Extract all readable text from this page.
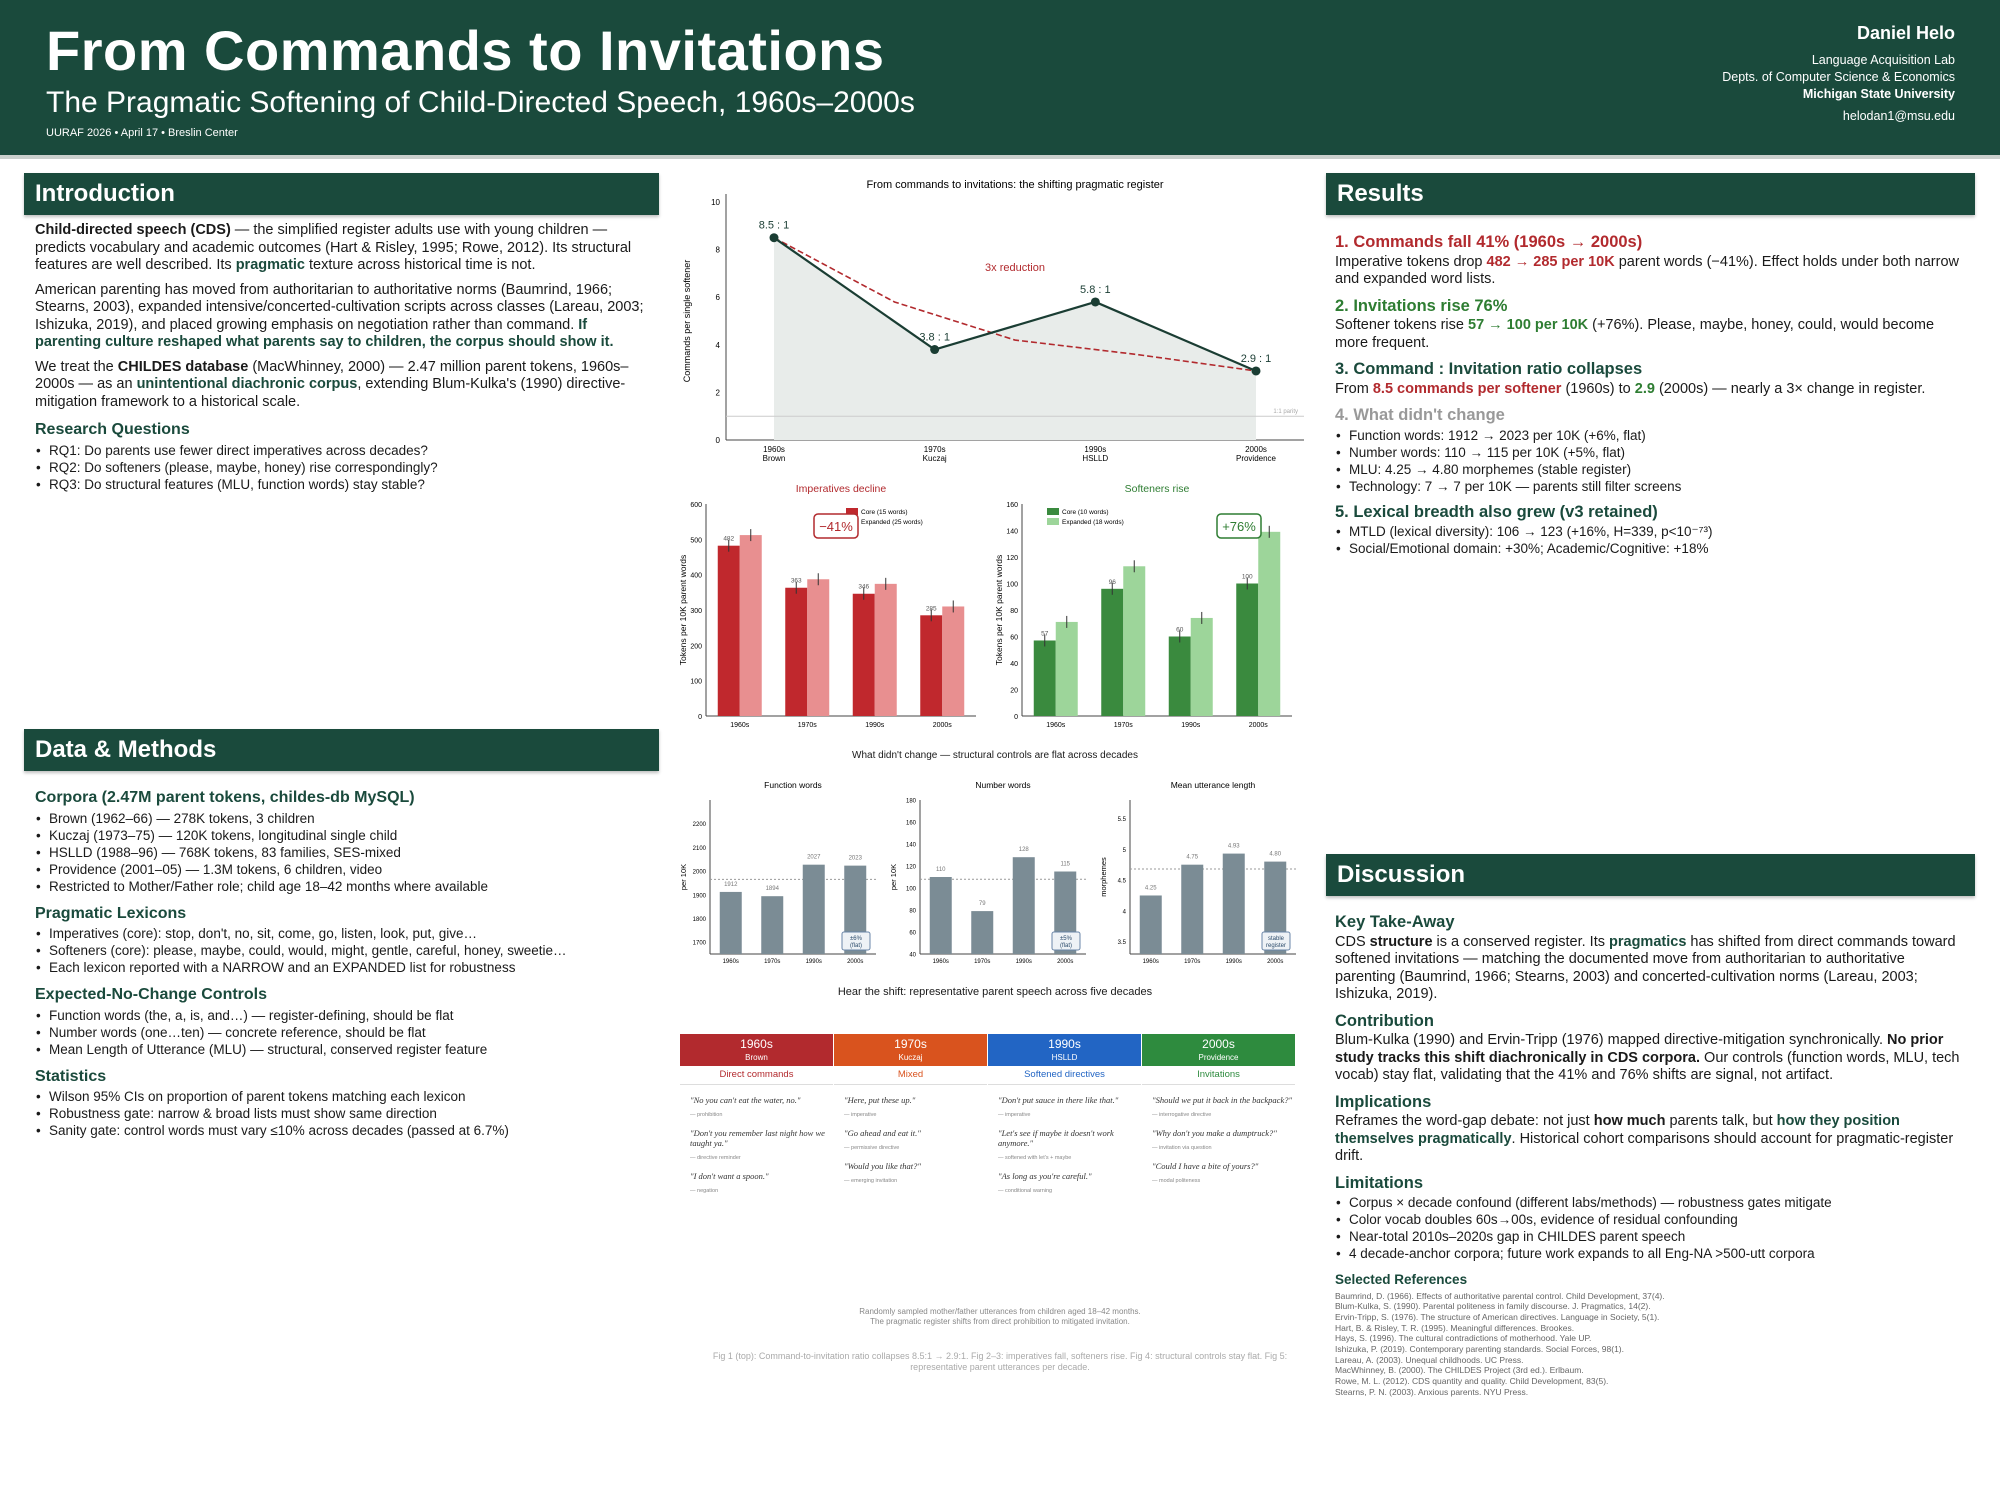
From Commands to Invitations
The Pragmatic Softening of Child-Directed Speech, 1960s–2000s
UURAF 2026 • April 17 • Breslin Center
Daniel Helo
Language Acquisition Lab
Depts. of Computer Science & Economics
Michigan State University
helodan1@msu.edu
Introduction

Child-directed speech (CDS) — the simplified register adults use with young children — predicts vocabulary and academic outcomes (Hart & Risley, 1995; Rowe, 2012). Its structural features are well described. Its pragmatic texture across historical time is not.

American parenting has moved from authoritarian to authoritative norms (Baumrind, 1966; Stearns, 2003), expanded intensive/concerted-cultivation scripts across classes (Lareau, 2003; Ishizuka, 2019), and placed growing emphasis on negotiation rather than command. If parenting culture reshaped what parents say to children, the corpus should show it.

We treat the CHILDES database (MacWhinney, 2000) — 2.47 million parent tokens, 1960s–2000s — as an unintentional diachronic corpus, extending Blum-Kulka's (1990) directive-mitigation framework to a historical scale.

Research Questions
• RQ1: Do parents use fewer direct imperatives across decades?
• RQ2: Do softeners (please, maybe, honey) rise correspondingly?
• RQ3: Do structural features (MLU, function words) stay stable?
Data & Methods
Corpora (2.47M parent tokens, childes-db MySQL)
• Brown (1962–66) — 278K tokens, 3 children
• Kuczaj (1973–75) — 120K tokens, longitudinal single child
• HSLLD (1988–96) — 768K tokens, 83 families, SES-mixed
• Providence (2001–05) — 1.3M tokens, 6 children, video
• Restricted to Mother/Father role; child age 18–42 months where available
Pragmatic Lexicons
• Imperatives (core): stop, don't, no, sit, come, go, listen, look, put, give…
• Softeners (core): please, maybe, could, would, might, gentle, careful, honey, sweetie…
• Each lexicon reported with a NARROW and an EXPANDED list for robustness
Expected-No-Change Controls
• Function words (the, a, is, and…) — register-defining, should be flat
• Number words (one…ten) — concrete reference, should be flat
• Mean Length of Utterance (MLU) — structural, conserved register feature
Statistics
• Wilson 95% CIs on proportion of parent tokens matching each lexicon
• Robustness gate: narrow & broad lists must show same direction
• Sanity gate: control words must vary ≤10% across decades (passed at 6.7%)
Results
1. Commands fall 41% (1960s → 2000s)

Imperative tokens drop 482 → 285 per 10K parent words (−41%). Effect holds under both narrow and expanded word lists.

2. Invitations rise 76%

Softener tokens rise 57 → 100 per 10K (+76%). Please, maybe, honey, could, would become more frequent.

3. Command : Invitation ratio collapses

From 8.5 commands per softener (1960s) to 2.9 (2000s) — nearly a 3× change in register.

4. What didn't change
• Function words: 1912 → 2023 per 10K (+6%, flat)
• Number words: 110 → 115 per 10K (+5%, flat)
• MLU: 4.25 → 4.80 morphemes (stable register)
• Technology: 7 → 7 per 10K — parents still filter screens
5. Lexical breadth also grew (v3 retained)
• MTLD (lexical diversity): 106 → 123 (+16%, H=339, p<10⁻⁷³)
• Social/Emotional domain: +30%; Academic/Cognitive: +18%
Discussion
Key Take-Away

CDS structure is a conserved register. Its pragmatics has shifted from direct commands toward softened invitations — matching the documented move from authoritarian to authoritative parenting (Baumrind, 1966; Stearns, 2003) and concerted-cultivation norms (Lareau, 2003; Ishizuka, 2019).

Contribution

Blum-Kulka (1990) and Ervin-Tripp (1976) mapped directive-mitigation synchronically. No prior study tracks this shift diachronically in CDS corpora. Our controls (function words, MLU, tech vocab) stay flat, validating that the 41% and 76% shifts are signal, not artifact.

Implications

Reframes the word-gap debate: not just how much parents talk, but how they position themselves pragmatically. Historical cohort comparisons should account for pragmatic-register drift.

Limitations
• Corpus × decade confound (different labs/methods) — robustness gates mitigate
• Color vocab doubles 60s→00s, evidence of residual confounding
• Near-total 2010s–2020s gap in CHILDES parent speech
• 4 decade-anchor corpora; future work expands to all Eng-NA >500-utt corpora
Selected References
Baumrind, D. (1966). Effects of authoritative parental control. Child Development, 37(4).
Blum-Kulka, S. (1990). Parental politeness in family discourse. J. Pragmatics, 14(2).
Ervin-Tripp, S. (1976). The structure of American directives. Language in Society, 5(1).
Hart, B. & Risley, T. R. (1995). Meaningful differences. Brookes.
Hays, S. (1996). The cultural contradictions of motherhood. Yale UP.
Ishizuka, P. (2019). Contemporary parenting standards. Social Forces, 98(1).
Lareau, A. (2003). Unequal childhoods. UC Press.
MacWhinney, B. (2000). The CHILDES Project (3rd ed.). Erlbaum.
Rowe, M. L. (2012). CDS quantity and quality. Child Development, 83(5).
Stearns, P. N. (2003). Anxious parents. NYU Press.
From commands to invitations: the shifting pragmatic register
0
2
4
6
8
10
Commands per single softener
1:1 parity
3x reduction
8.5 : 1
1960s
Brown
3.8 : 1
1970s
Kuczaj
5.8 : 1
1990s
HSLLD
2.9 : 1
2000s
Providence
Imperatives decline
0
100
200
300
400
500
600
Tokens per 10K parent words
482
1960s
363
1970s
346
1990s
285
2000s
Core (15 words)
Expanded (25 words)
−41%
Softeners rise
0
20
40
60
80
100
120
140
160
Tokens per 10K parent words	57
1960s
96
1970s
60
1990s
100
2000s
Core (10 words)
Expanded (18 words)	+76%
What didn't change — structural controls are flat across decades
Function words
1700
1800
1900
2000
2100
2200
per 10K	1912
1960s
1894
1970s
2027
1990s
2023
2000s
±6%
(flat)
Number words
40
60
80
100
120
140
160
180
per 10K	110
1960s
79
1970s
128
1990s
115
2000s
±5%
(flat)
Mean utterance length
3.5
4
4.5
5
5.5
morphemes	4.25
1960s
4.75
1970s
4.93
1990s
4.80
2000s
stable
register
Hear the shift: representative parent speech across five decades
1960s
Brown
Direct commands
"No you can't eat the water, no."
— prohibition
"Don't you remember last night how we taught ya."
— directive reminder
"I don't want a spoon."
— negation
1970s
Kuczaj
Mixed
"Here, put these up."
— imperative
"Go ahead and eat it."
— permissive directive
"Would you like that?"
— emerging invitation
1990s
HSLLD
Softened directives
"Don't put sauce in there like that."
— imperative
"Let's see if maybe it doesn't work anymore."
— softened with let's + maybe
"As long as you're careful."
— conditional warning
2000s
Providence
Invitations
"Should we put it back in the backpack?"
— interrogative directive
"Why don't you make a dumptruck?"
— invitation via question
"Could I have a bite of yours?"
— modal politeness
Randomly sampled mother/father utterances from children aged 18–42 months.
The pragmatic register shifts from direct prohibition to mitigated invitation.
Fig 1 (top): Command-to-invitation ratio collapses 8.5:1 → 2.9:1. Fig 2–3: imperatives fall, softeners rise. Fig 4: structural controls stay flat. Fig 5: representative parent utterances per decade.
